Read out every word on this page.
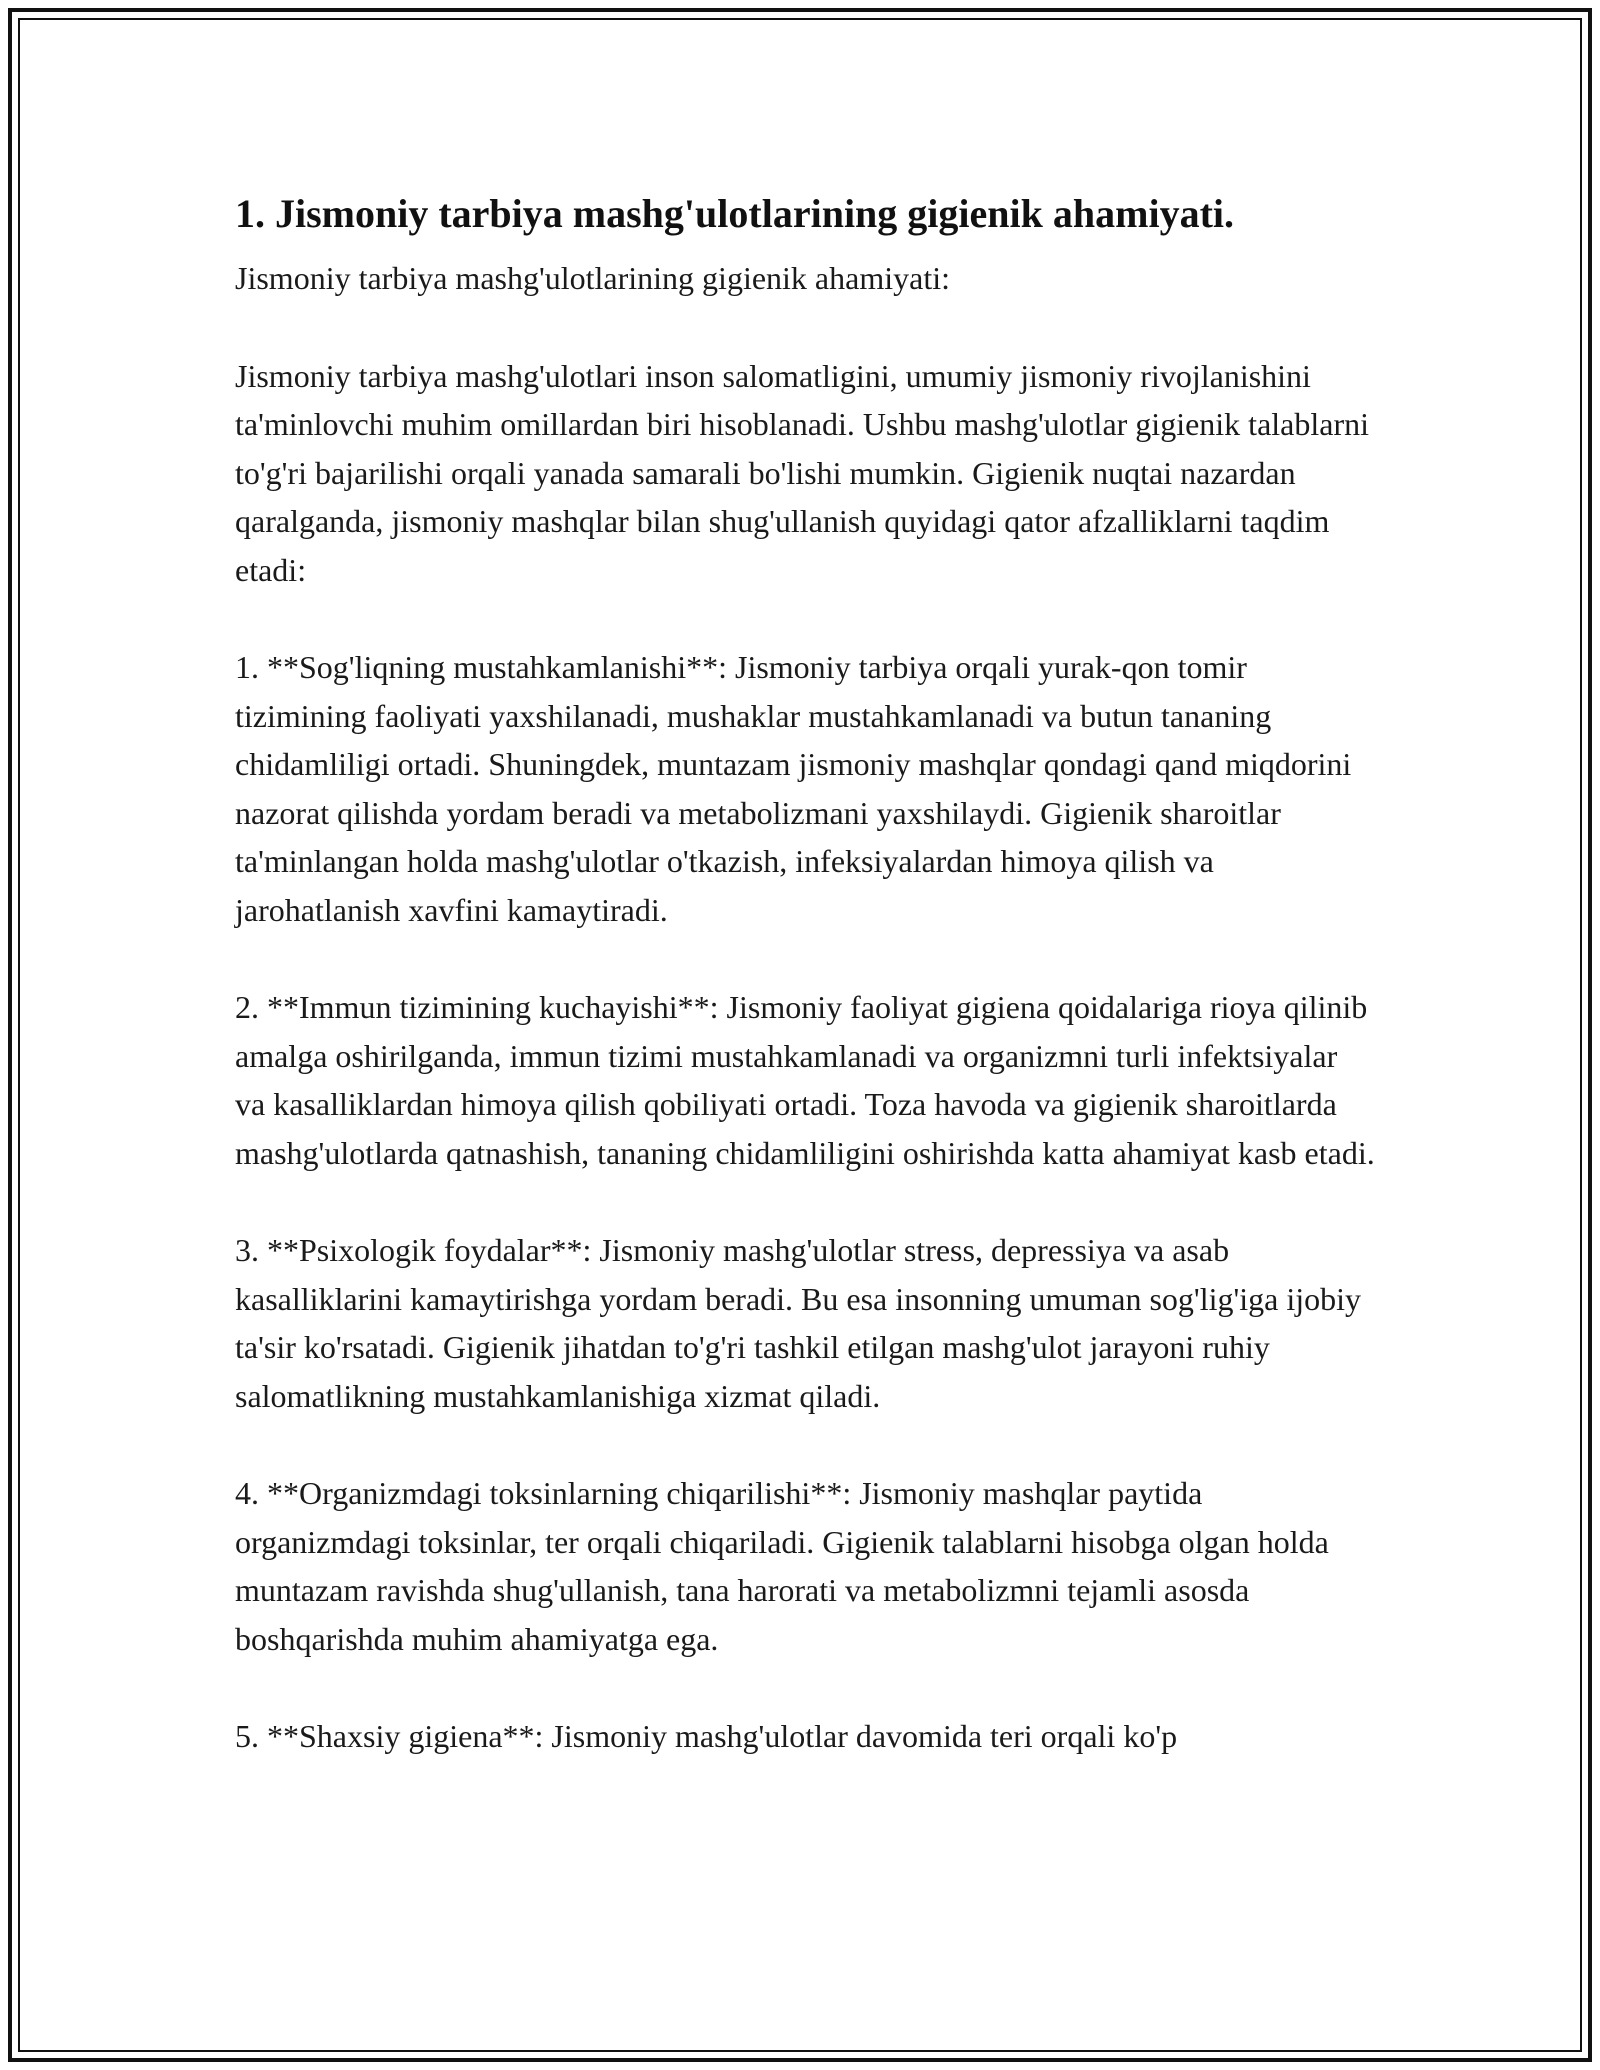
1. Jismoniy tarbiya mashg'ulotlarining gigienik ahamiyati.

Jismoniy tarbiya mashg'ulotlarining gigienik ahamiyati:

Jismoniy tarbiya mashg'ulotlari inson salomatligini, umumiy jismoniy rivojlanishini ta'minlovchi muhim omillardan biri hisoblanadi. Ushbu mashg'ulotlar gigienik talablarni to'g'ri bajarilishi orqali yanada samarali bo'lishi mumkin. Gigienik nuqtai nazardan qaralganda, jismoniy mashqlar bilan shug'ullanish quyidagi qator afzalliklarni taqdim etadi:

1. **Sog'liqning mustahkamlanishi**: Jismoniy tarbiya orqali yurak-qon tomir tizimining faoliyati yaxshilanadi, mushaklar mustahkamlanadi va butun tananing chidamliligi ortadi. Shuningdek, muntazam jismoniy mashqlar qondagi qand miqdorini nazorat qilishda yordam beradi va metabolizmani yaxshilaydi. Gigienik sharoitlar ta'minlangan holda mashg'ulotlar o'tkazish, infeksiyalardan himoya qilish va jarohatlanish xavfini kamaytiradi.

2. **Immun tizimining kuchayishi**: Jismoniy faoliyat gigiena qoidalariga rioya qilinib amalga oshirilganda, immun tizimi mustahkamlanadi va organizmni turli infektsiyalar va kasalliklardan himoya qilish qobiliyati ortadi. Toza havoda va gigienik sharoitlarda mashg'ulotlarda qatnashish, tananing chidamliligini oshirishda katta ahamiyat kasb etadi.

3. **Psixologik foydalar**: Jismoniy mashg'ulotlar stress, depressiya va asab kasalliklarini kamaytirishga yordam beradi. Bu esa insonning umuman sog'lig'iga ijobiy ta'sir ko'rsatadi. Gigienik jihatdan to'g'ri tashkil etilgan mashg'ulot jarayoni ruhiy salomatlikning mustahkamlanishiga xizmat qiladi.

4. **Organizmdagi toksinlarning chiqarilishi**: Jismoniy mashqlar paytida organizmdagi toksinlar, ter orqali chiqariladi. Gigienik talablarni hisobga olgan holda muntazam ravishda shug'ullanish, tana harorati va metabolizmni tejamli asosda boshqarishda muhim ahamiyatga ega.

5. **Shaxsiy gigiena**: Jismoniy mashg'ulotlar davomida teri orqali ko'p
